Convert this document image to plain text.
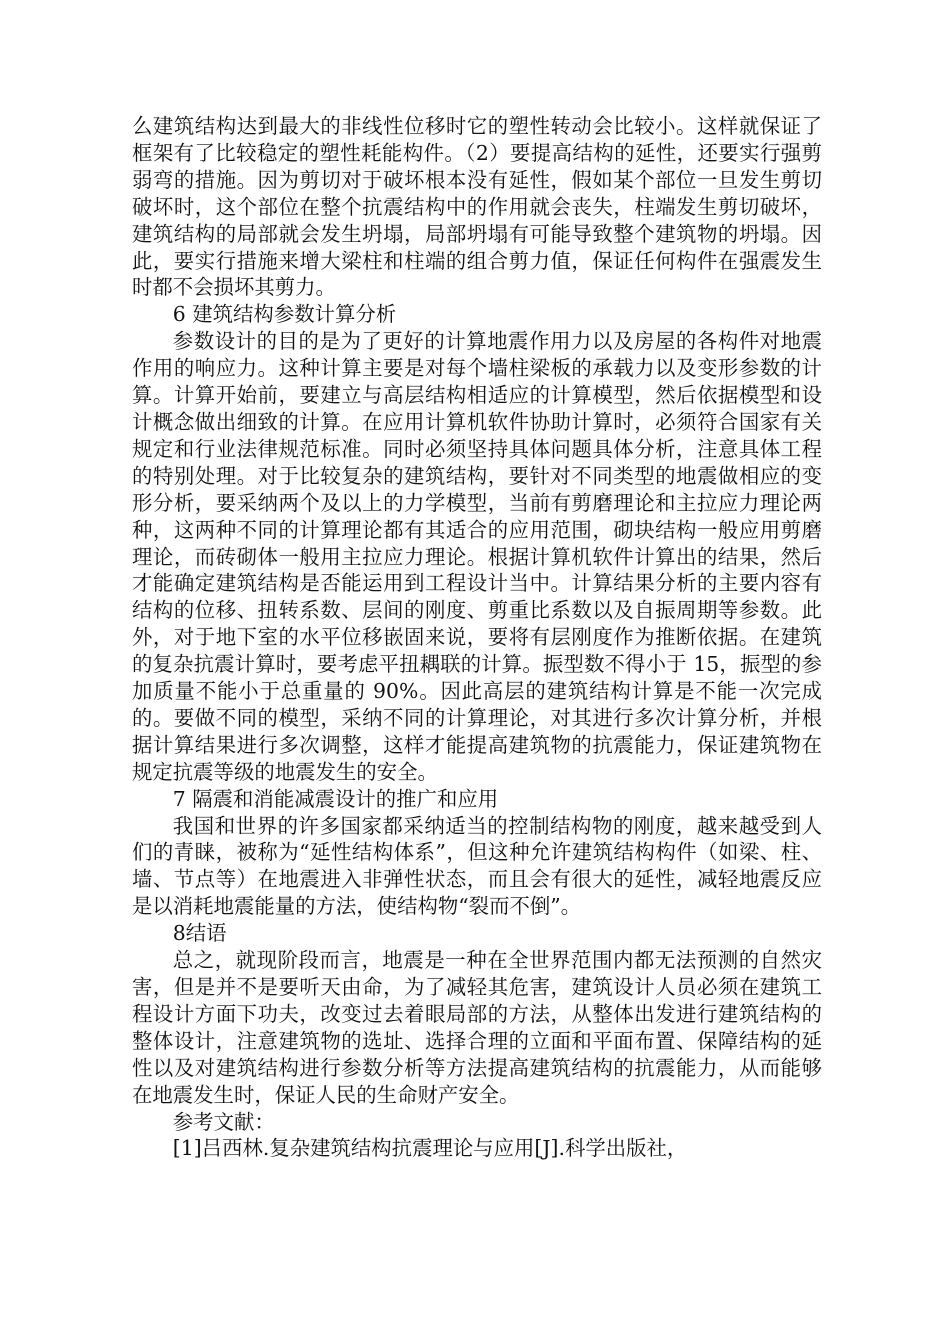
么建筑结构达到最大的非线性位移时它的塑性转动会比较小。这样就保证了框架有了比较稳定的塑性耗能构件。（2）要提高结构的延性，还要实行强剪弱弯的措施。因为剪切对于破坏根本没有延性，假如某个部位一旦发生剪切破坏时，这个部位在整个抗震结构中的作用就会丧失，柱端发生剪切破坏，建筑结构的局部就会发生坍塌，局部坍塌有可能导致整个建筑物的坍塌。因此，要实行措施来增大梁柱和柱端的组合剪力值，保证任何构件在强震发生时都不会损坏其剪力。

6 建筑结构参数计算分析

参数设计的目的是为了更好的计算地震作用力以及房屋的各构件对地震作用的响应力。这种计算主要是对每个墙柱梁板的承载力以及变形参数的计算。计算开始前，要建立与高层结构相适应的计算模型，然后依据模型和设计概念做出细致的计算。在应用计算机软件协助计算时，必须符合国家有关规定和行业法律规范标准。同时必须坚持具体问题具体分析，注意具体工程的特别处理。对于比较复杂的建筑结构，要针对不同类型的地震做相应的变形分析，要采纳两个及以上的力学模型，当前有剪磨理论和主拉应力理论两种，这两种不同的计算理论都有其适合的应用范围，砌块结构一般应用剪磨理论，而砖砌体一般用主拉应力理论。根据计算机软件计算出的结果，然后才能确定建筑结构是否能运用到工程设计当中。计算结果分析的主要内容有结构的位移、扭转系数、层间的刚度、剪重比系数以及自振周期等参数。此外，对于地下室的水平位移嵌固来说，要将有层刚度作为推断依据。在建筑的复杂抗震计算时，要考虑平扭耦联的计算。振型数不得小于 15，振型的参加质量不能小于总重量的 90%。因此高层的建筑结构计算是不能一次完成的。要做不同的模型，采纳不同的计算理论，对其进行多次计算分析，并根据计算结果进行多次调整，这样才能提高建筑物的抗震能力，保证建筑物在规定抗震等级的地震发生的安全。

7 隔震和消能减震设计的推广和应用

我国和世界的许多国家都采纳适当的控制结构物的刚度，越来越受到人们的青睐，被称为“延性结构体系”，但这种允许建筑结构构件（如梁、柱、墙、节点等）在地震进入非弹性状态，而且会有很大的延性，减轻地震反应是以消耗地震能量的方法，使结构物“裂而不倒”。

8结语

总之，就现阶段而言，地震是一种在全世界范围内都无法预测的自然灾害，但是并不是要听天由命，为了减轻其危害，建筑设计人员必须在建筑工程设计方面下功夫，改变过去着眼局部的方法，从整体出发进行建筑结构的整体设计，注意建筑物的选址、选择合理的立面和平面布置、保障结构的延性以及对建筑结构进行参数分析等方法提高建筑结构的抗震能力，从而能够在地震发生时，保证人民的生命财产安全。

参考文献：

[1]吕西林.复杂建筑结构抗震理论与应用[J].科学出版社，
